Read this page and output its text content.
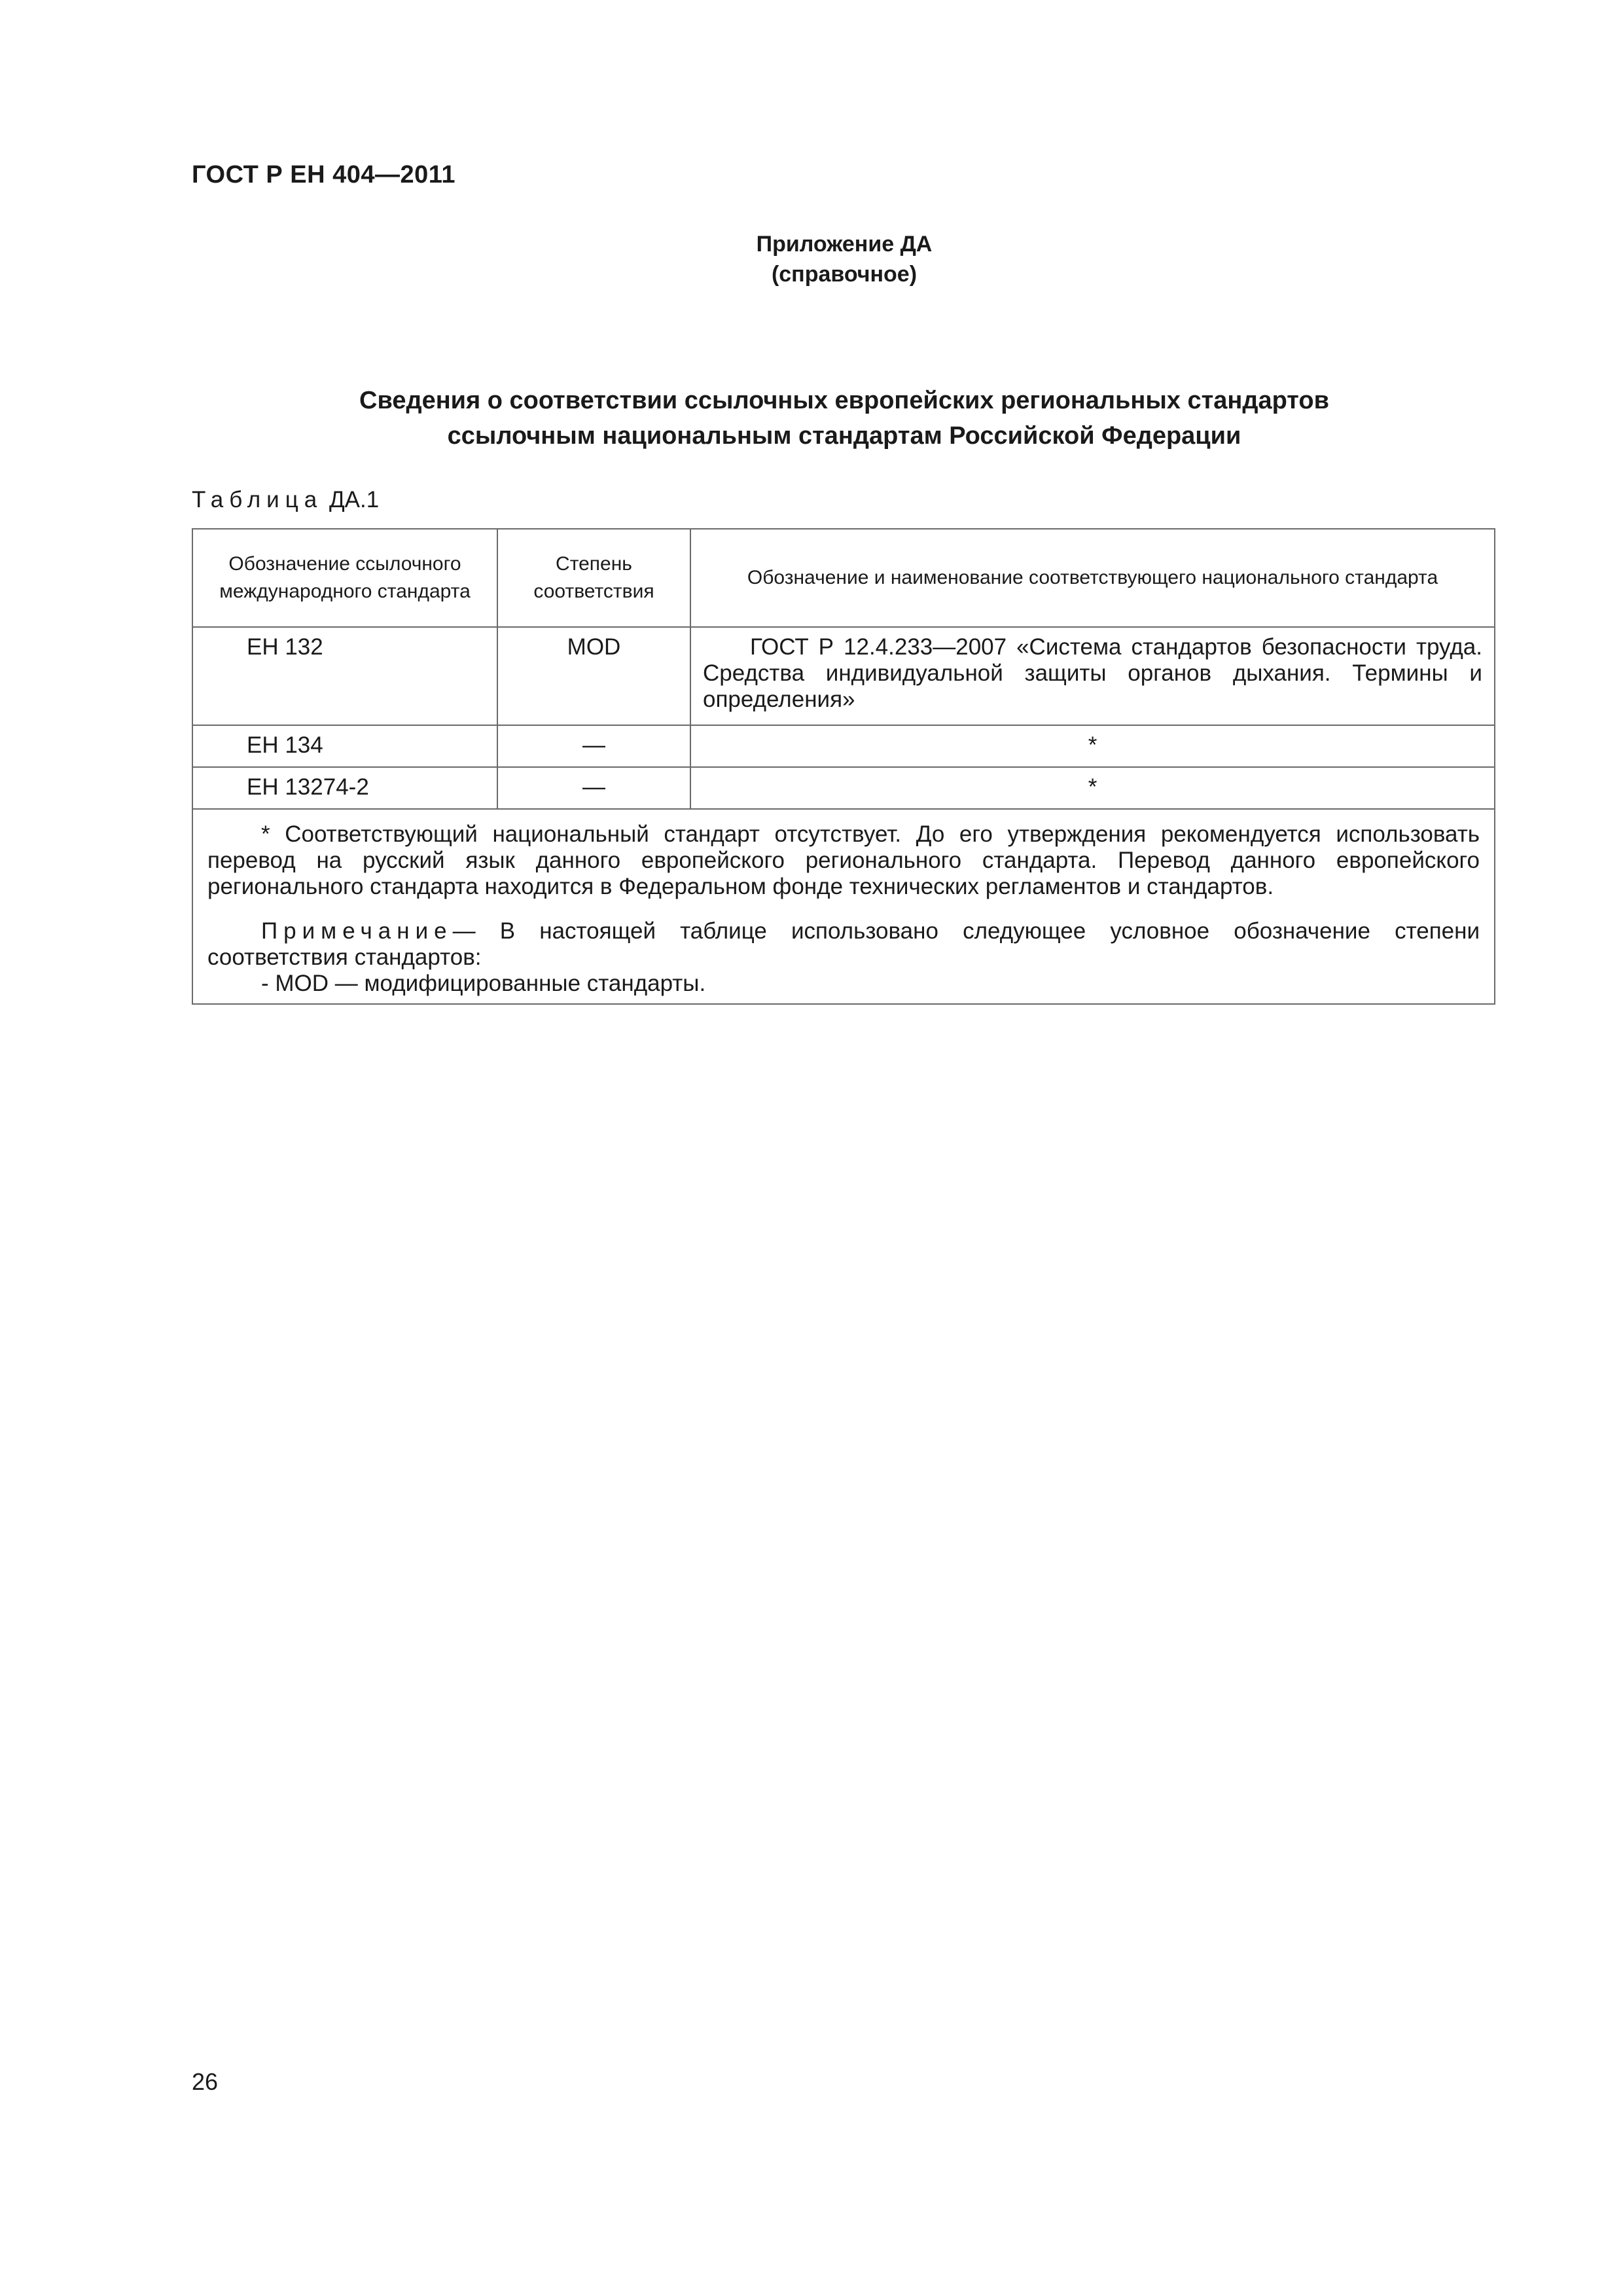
ГОСТ Р ЕН 404—2011
Приложение ДА
(справочное)
Сведения о соответствии ссылочных европейских региональных стандартов
ссылочным национальным стандартам Российской Федерации
Таблица ДА.1
Обозначение ссылочного международного стандарта	Степень соответствия	Обозначение и наименование соответствующего национального стандарта
ЕН 132	MOD	ГОСТ Р 12.4.233—2007 «Система стандартов безопасности труда. Средства индивидуальной защиты органов дыхания. Термины и определения»
ЕН 134	—	*
ЕН 13274-2	—	*

* Соответствующий национальный стандарт отсутствует. До его утверждения рекомендуется использовать перевод на русский язык данного европейского регионального стандарта. Перевод данного европейского регионального стандарта находится в Федеральном фонде технических регламентов и стандартов.

Примечание— В настоящей таблице использовано следующее условное обозначение степени соответствия стандартов:

- MOD — модифицированные стандарты.		

26
